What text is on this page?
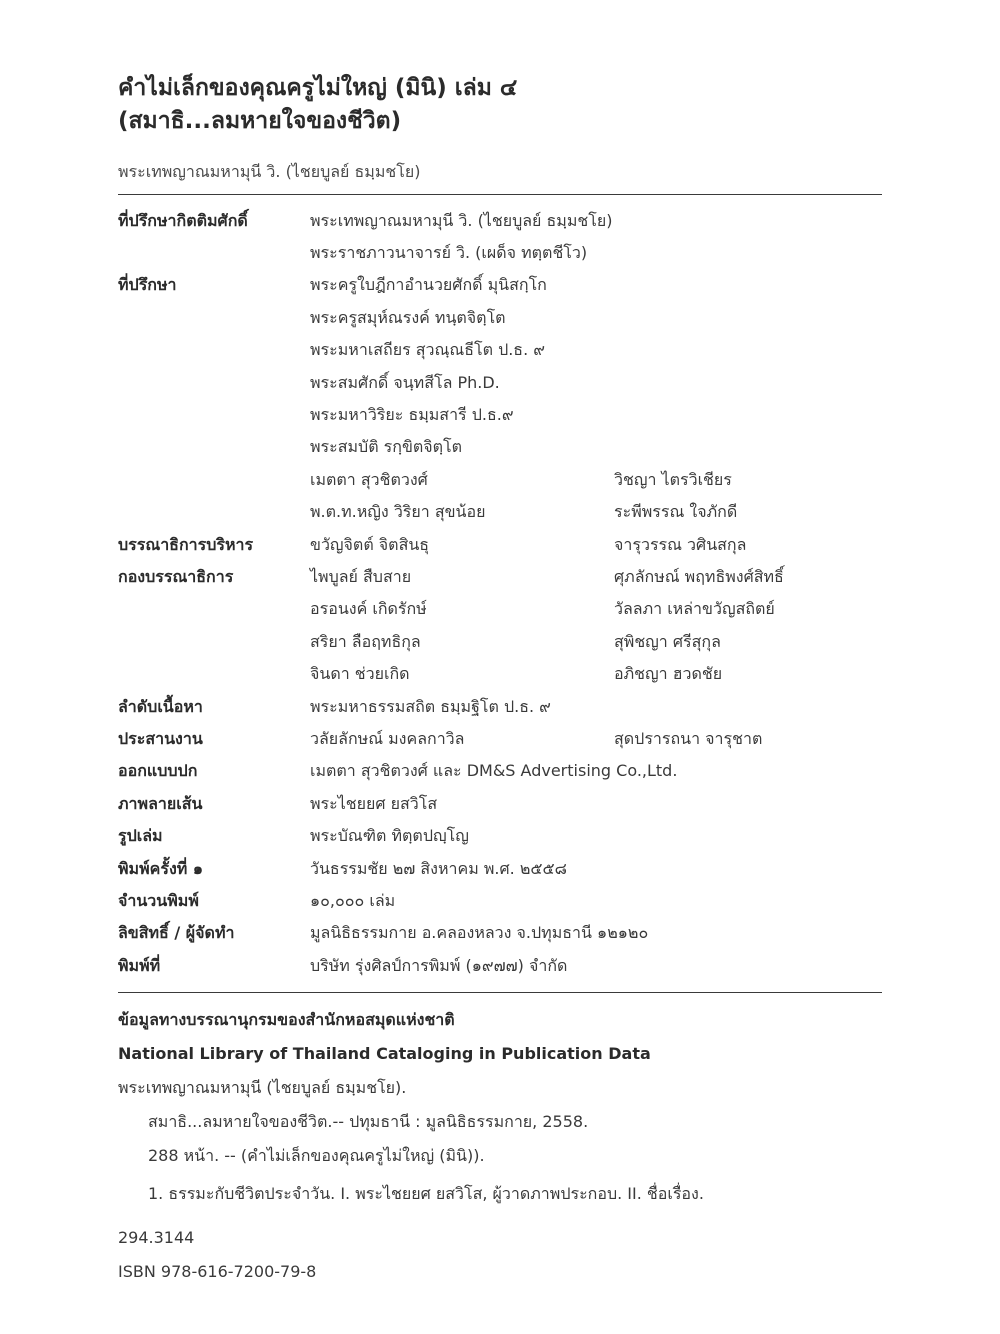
คำไม่เล็กของคุณครูไม่ใหญ่ (มินิ) เล่ม ๔
(สมาธิ...ลมหายใจของชีวิต)
พระเทพญาณมหามุนี วิ. (ไชยบูลย์ ธมฺมชโย)
ที่ปรึกษากิตติมศักดิ์	พระเทพญาณมหามุนี วิ. (ไชยบูลย์ ธมฺมชโย)
พระราชภาวนาจารย์ วิ. (เผด็จ ทตฺตชีโว)
ที่ปรึกษา	พระครูใบฎีกาอำนวยศักดิ์ มุนิสกฺโก
พระครูสมุห์ณรงค์ ทนฺตจิตฺโต
พระมหาเสถียร สุวณฺณธีโต ป.ธ. ๙
พระสมศักดิ์ จนฺทสีโล Ph.D.
พระมหาวิริยะ ธมฺมสารี ป.ธ.๙
พระสมบัติ รกฺขิตจิตฺโต
เมตตา สุวชิตวงศ์	วิชญา ไตรวิเชียร
พ.ต.ท.หญิง วิริยา สุขน้อย	ระพีพรรณ ใจภักดี
บรรณาธิการบริหาร	ขวัญจิตต์ จิตสินธุ	จารุวรรณ วศินสกุล
กองบรรณาธิการ	ไพบูลย์ สืบสาย	ศุภลักษณ์ พฤทธิพงศ์สิทธิ์
อรอนงค์ เกิดรักษ์	วัลลภา เหล่าขวัญสถิตย์
สริยา ลือฤทธิกุล	สุพิชญา ศรีสุกุล
จินดา ช่วยเกิด	อภิชญา ฮวดชัย
ลำดับเนื้อหา	พระมหาธรรมสถิต ธมฺมฐิโต ป.ธ. ๙
ประสานงาน	วลัยลักษณ์ มงคลกาวิล	สุดปรารถนา จารุชาต
ออกแบบปก	เมตตา สุวชิตวงศ์ และ DM&S Advertising Co.,Ltd.
ภาพลายเส้น	พระไชยยศ ยสวิโส
รูปเล่ม	พระบัณฑิต ทิตฺตปญฺโญ
พิมพ์ครั้งที่ ๑	วันธรรมชัย ๒๗ สิงหาคม พ.ศ. ๒๕๕๘
จำนวนพิมพ์	๑๐,๐๐๐ เล่ม
ลิขสิทธิ์ / ผู้จัดทำ	มูลนิธิธรรมกาย อ.คลองหลวง จ.ปทุมธานี ๑๒๑๒๐
พิมพ์ที่	บริษัท รุ่งศิลป์การพิมพ์ (๑๙๗๗) จำกัด
ข้อมูลทางบรรณานุกรมของสำนักหอสมุดแห่งชาติ
National Library of Thailand Cataloging in Publication Data
พระเทพญาณมหามุนี (ไชยบูลย์ ธมฺมชโย).
สมาธิ...ลมหายใจของชีวิต.-- ปทุมธานี : มูลนิธิธรรมกาย, 2558.
288 หน้า. -- (คำไม่เล็กของคุณครูไม่ใหญ่ (มินิ)).
1. ธรรมะกับชีวิตประจำวัน. I. พระไชยยศ ยสวิโส, ผู้วาดภาพประกอบ. II. ชื่อเรื่อง.
294.3144
ISBN 978-616-7200-79-8
